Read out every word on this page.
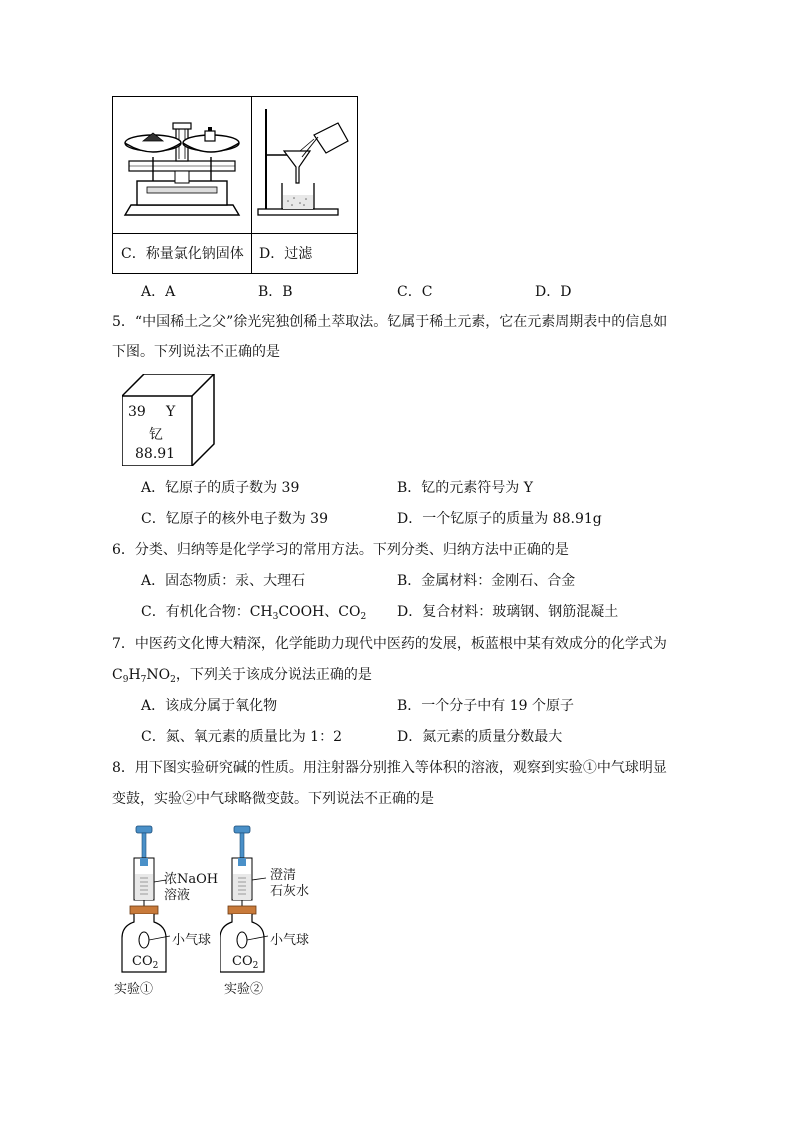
C．称量氯化钠固体 D．过滤
A．A	B．B	C．C	D．D
5．“中国稀土之父”徐光宪独创稀土萃取法。钇属于稀土元素，它在元素周期表中的信息如
下图。下列说法不正确的是
39 Y
钇
88.91
A．钇原子的质子数为 39	B．钇的元素符号为 Y
C．钇原子的核外电子数为 39	D．一个钇原子的质量为 88.91g
6．分类、归纳等是化学学习的常用方法。下列分类、归纳方法中正确的是
A．固态物质：汞、大理石	B．金属材料：金刚石、合金
C．有机化合物：$CH_3COOH$、$CO_2$ D．复合材料：玻璃钢、钢筋混凝土
7．中医药文化博大精深，化学能助力现代中医药的发展，板蓝根中某有效成分的化学式为
$C_9H_7NO_2$，下列关于该成分说法正确的是
A．该成分属于氧化物	B．一个分子中有 19 个原子
C．氮、氧元素的质量比为 1：2	D．氮元素的质量分数最大
8．用下图实验研究碱的性质。用注射器分别推入等体积的溶液，观察到实验①中气球明显
变鼓，实验②中气球略微变鼓。下列说法不正确的是
浓NaOH
溶液
小气球
$CO_2$
实验①
澄清
石灰水
小气球
$CO_2$
实验②
